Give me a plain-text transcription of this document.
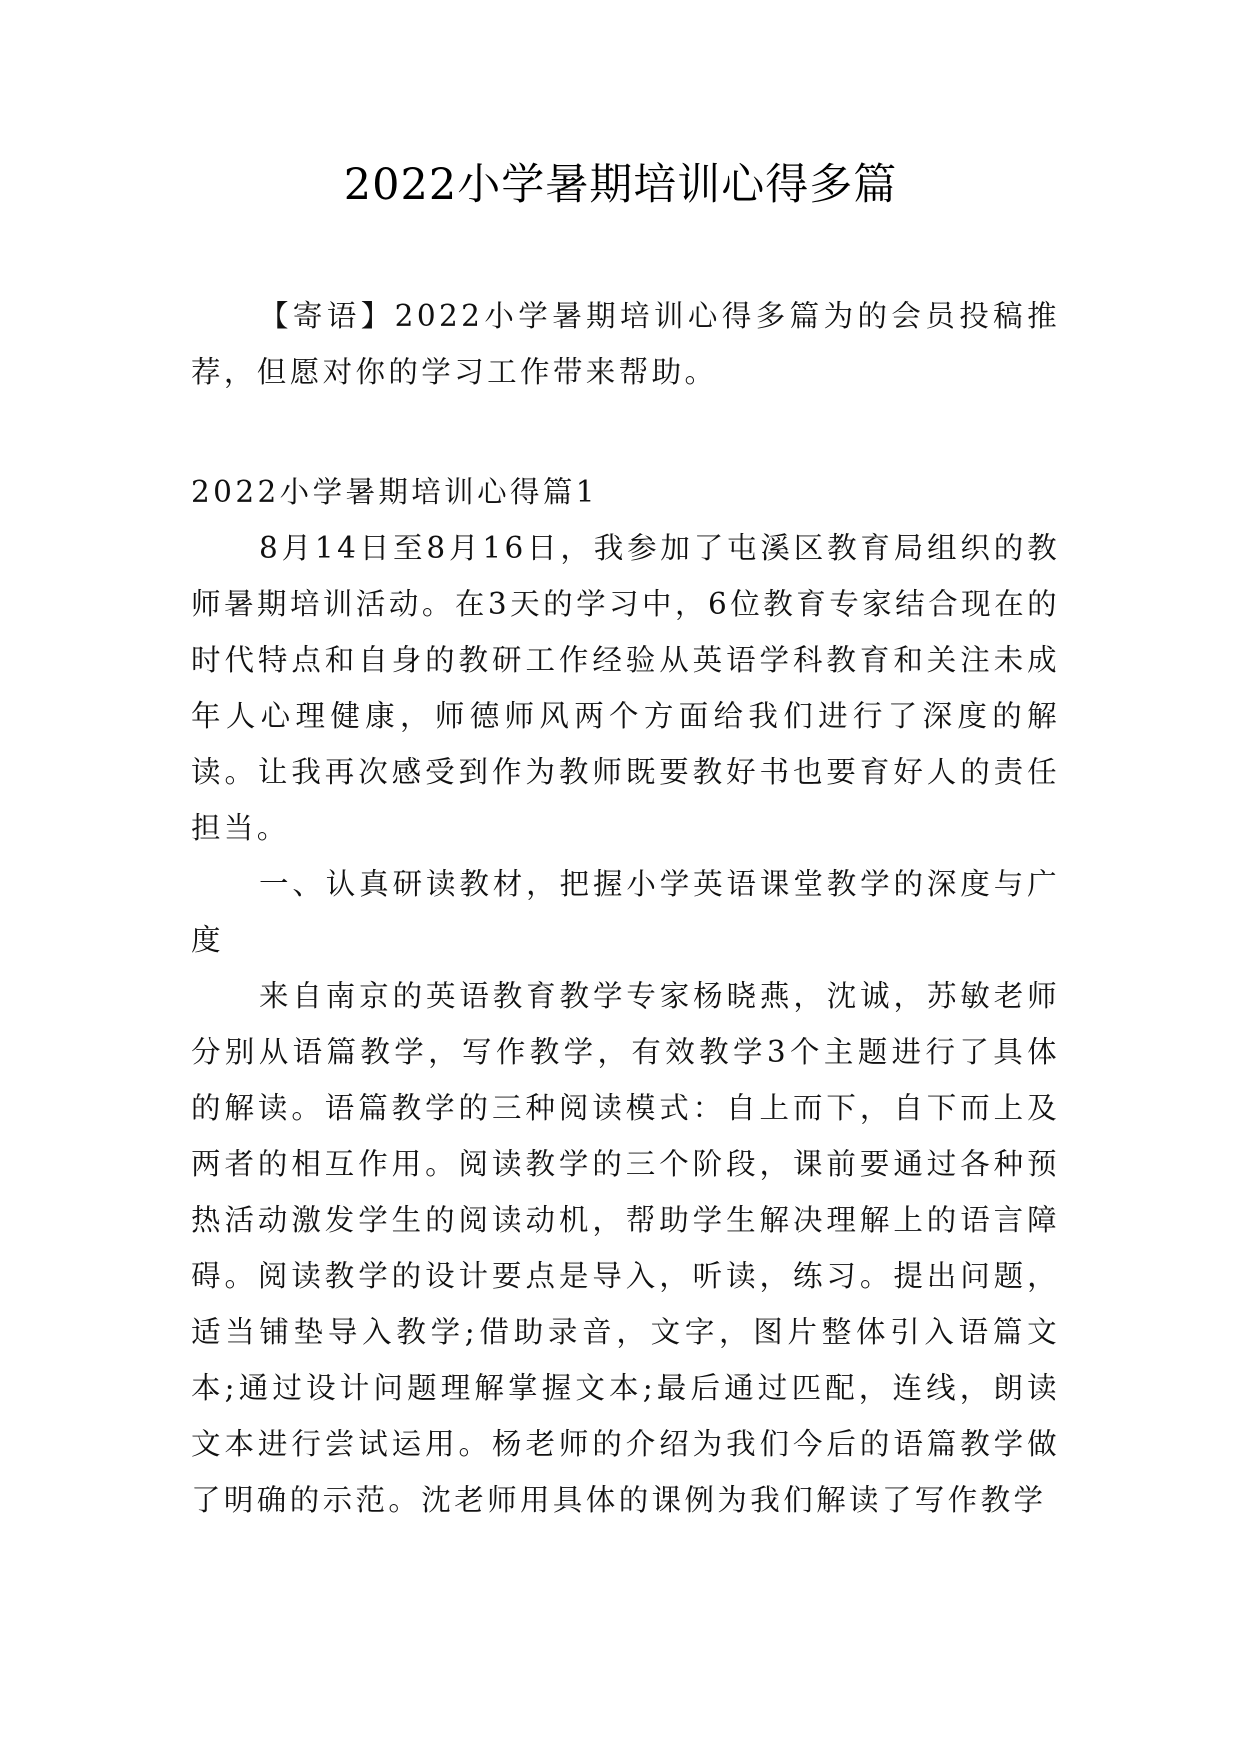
2022小学暑期培训心得多篇

【寄语】2022小学暑期培训心得多篇为的会员投稿推荐，但愿对你的学习工作带来帮助。

2022小学暑期培训心得篇1

8月14日至8月16日，我参加了屯溪区教育局组织的教师暑期培训活动。在3天的学习中，6位教育专家结合现在的时代特点和自身的教研工作经验从英语学科教育和关注未成年人心理健康，师德师风两个方面给我们进行了深度的解读。让我再次感受到作为教师既要教好书也要育好人的责任担当。

一、认真研读教材，把握小学英语课堂教学的深度与广度

来自南京的英语教育教学专家杨晓燕，沈诚，苏敏老师分别从语篇教学，写作教学，有效教学3个主题进行了具体的解读。语篇教学的三种阅读模式：自上而下，自下而上及两者的相互作用。阅读教学的三个阶段，课前要通过各种预热活动激发学生的阅读动机，帮助学生解决理解上的语言障碍。阅读教学的设计要点是导入，听读，练习。提出问题，适当铺垫导入教学;借助录音，文字，图片整体引入语篇文本;通过设计问题理解掌握文本;最后通过匹配，连线，朗读文本进行尝试运用。杨老师的介绍为我们今后的语篇教学做了明确的示范。沈老师用具体的课例为我们解读了写作教学
